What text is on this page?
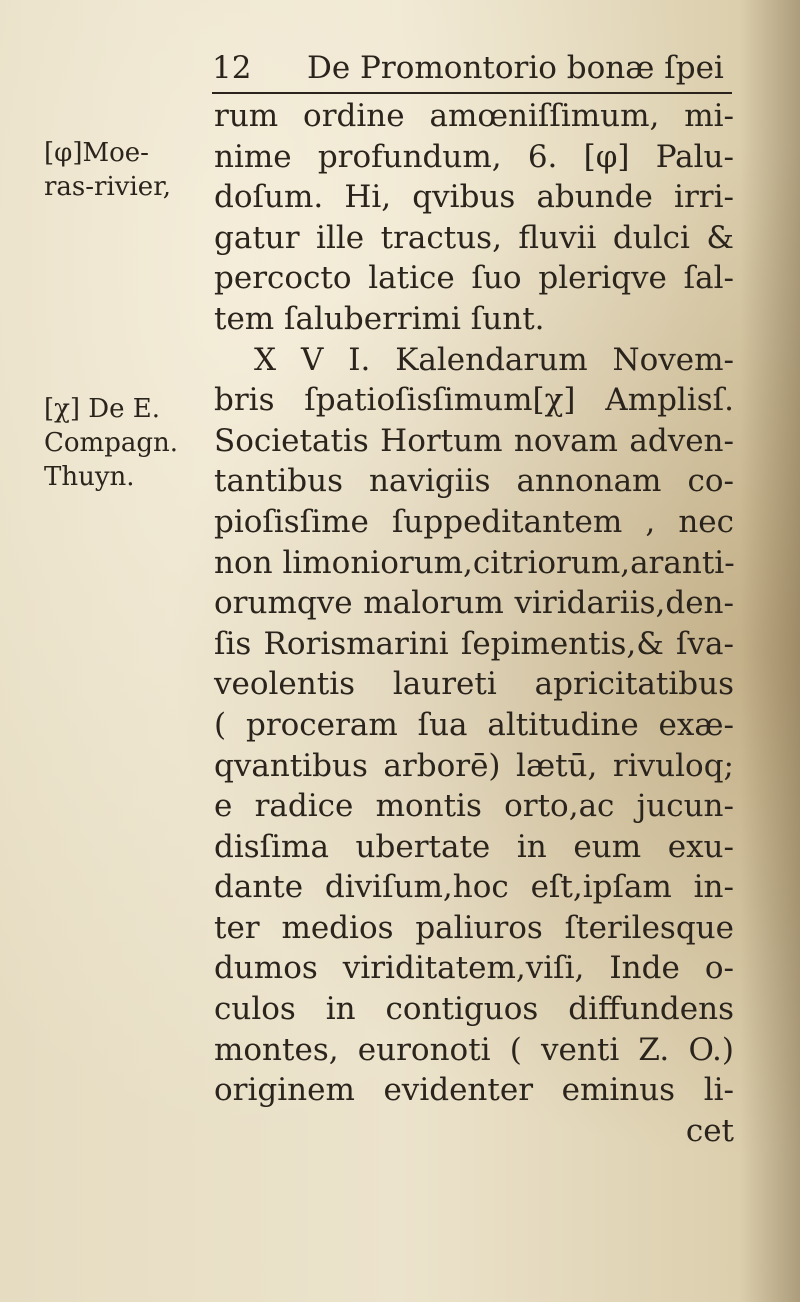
12 De Promontorio bonæ ſpei
[φ]Moe-
ras-rivier,
[χ] De E.
Compagn.
Thuyn.
rum ordine amœniſſimum, mi-
nime profundum, 6. [φ] Palu-
doſum. Hi, qvibus abunde irri-
gatur ille tractus, fluvii dulci &
percocto latice ſuo pleriqve ſal-
tem ſaluberrimi ſunt.
X V I. Kalendarum Novem-
bris ſpatioſisſimum[χ] Amplisſ.
Societatis Hortum novam adven-
tantibus navigiis annonam co-
pioſisſime ſuppeditantem , nec
non limoniorum,citriorum,aranti-
orumqve malorum viridariis,den-
ſis Rorismarini ſepimentis,& ſva-
veolentis laureti apricitatibus
( proceram ſua altitudine exæ-
qvantibus arborē) lætū, rivuloq;
e radice montis orto,ac jucun-
disſima ubertate in eum exu-
dante diviſum,hoc eſt,ipſam in-
ter medios paliuros ſterilesque
dumos viriditatem,viſi, Inde o-
culos in contiguos diffundens
montes, euronoti ( venti Z. O.)
originem evidenter eminus li-
cet
